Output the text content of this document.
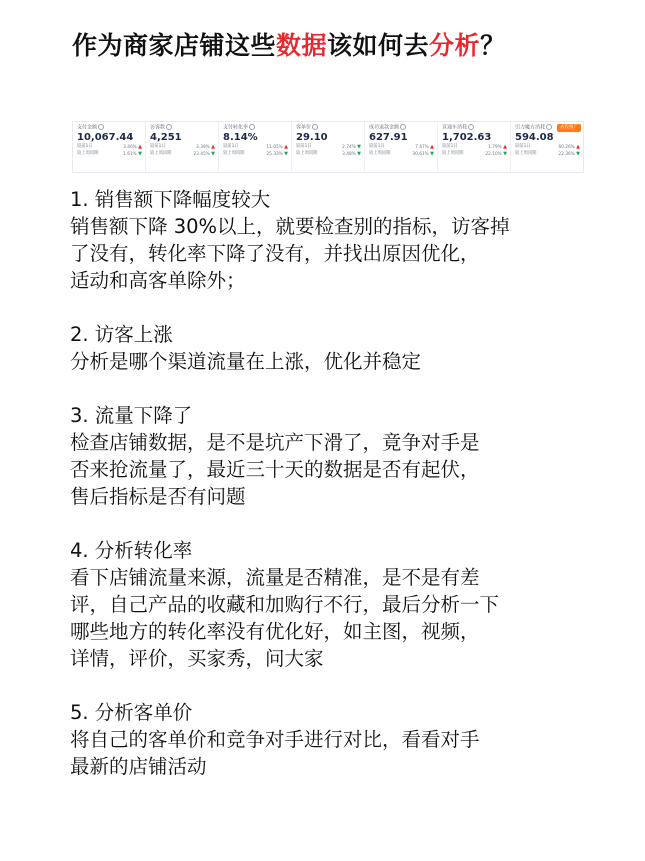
作为商家店铺这些数据该如何去分析？
支付金额
10,067.44
较前1日	3.46% ▲
较上周同期	1.61% ▼
访客数
4,251
较前1日	3.39% ▲
较上周同期	23.45% ▼
支付转化率
8.14%
较前1日	11.05% ▲
较上周同期	25.33% ▼
客单价
29.10
较前1日	2.74% ▼
较上周同期	3.48% ▼
成功退款金额
627.91
较前1日	7.47% ▲
较上周同期	30.61% ▼
直通车消耗
1,702.63
较前1日	1.79% ▲
较上周同期	22.10% ▼
引力魔方消耗
594.08
较前1日	60.26% ▲
较上周同期	22.36% ▼
去投推广
1. 销售额下降幅度较大
销售额下降 30%以上，就要检查别的指标，访客掉
了没有，转化率下降了没有，并找出原因优化，
适动和高客单除外；
2. 访客上涨
分析是哪个渠道流量在上涨，优化并稳定
3. 流量下降了
检查店铺数据，是不是坑产下滑了，竟争对手是
否来抢流量了，最近三十天的数据是否有起伏，
售后指标是否有问题
4. 分析转化率
看下店铺流量来源，流量是否精准，是不是有差
评，自己产品的收藏和加购行不行，最后分析一下
哪些地方的转化率没有优化好，如主图，视频，
详情，评价，买家秀，问大家
5. 分析客单价
将自己的客单价和竞争对手进行对比，看看对手
最新的店铺活动
